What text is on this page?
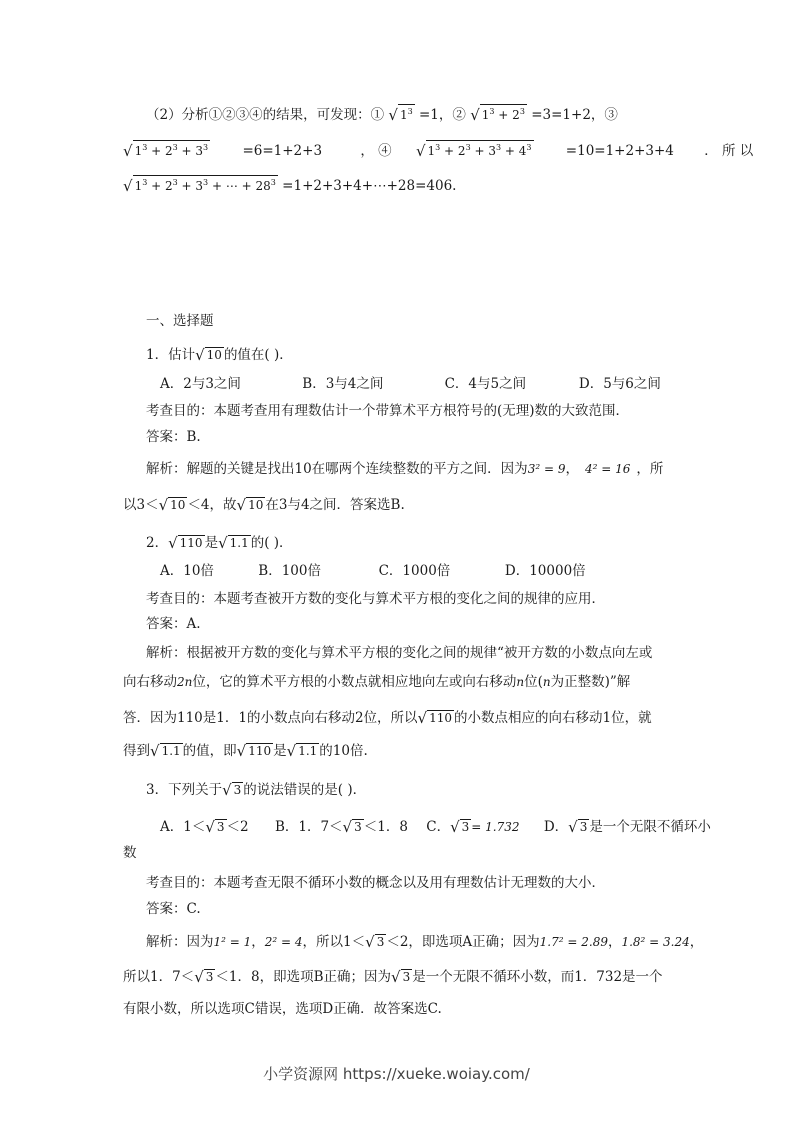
（2）分析①②③④的结果，可发现：① √ $1^3 =1$，② √ $1^3 + 2^3 =3=1+2$，③
√ $1^3 + 2^3 + 3^3$	=6=1+2+3	， ④ √ $1^3 + 2^3 + 3^3 + 4^3$	=10=1+2+3+4 ． 所 以
√ $1^3 + 2^3 + 3^3$ + ⋯ + $28^3$ =1+2+3+4+⋯+28=406.
一、选择题
1．估计√ 10 的值在( )．
A．2与3之间	B．3与4之间	C．4与5之间	D．5与6之间
考查目的：本题考查用有理数估计一个带算术平方根符号的(无理)数的大致范围．
答案：B.
解析：解题的关键是找出10在哪两个连续整数的平方之间．因为3² = 9， 4² = 16 ，所
以3＜√ 10 ＜4，故√ 10 在3与4之间．答案选B.
2．√ 110 是√ 1.1 的( )．
A．10倍	B．100倍	C．1000倍	D．10000倍
考查目的：本题考查被开方数的变化与算术平方根的变化之间的规律的应用．
答案：A.
解析：根据被开方数的变化与算术平方根的变化之间的规律“被开方数的小数点向左或
向右移动2n位，它的算术平方根的小数点就相应地向左或向右移动n位(n为正整数)”解
答．因为110是1．1的小数点向右移动2位，所以√ 110 的小数点相应的向右移动1位，就
得到√ 1.1 的值，即√ 110 是√ 1.1 的10倍.
3．下列关于√ 3 的说法错误的是( )．
A．1＜√ 3 ＜2 B．1．7＜√ 3 ＜1．8 C．√ 3 = 1.732 D．√ 3 是一个无限不循环小
数
考查目的：本题考查无限不循环小数的概念以及用有理数估计无理数的大小．
答案：C.
解析：因为1² = 1，2² = 4，所以1＜√ 3 ＜2，即选项A正确；因为1.7² = 2.89，1.8² = 3.24，
所以1．7＜√ 3 ＜1．8，即选项B正确；因为√ 3 是一个无限不循环小数，而1．732是一个
有限小数，所以选项C错误，选项D正确．故答案选C.
小学资源网 https://xueke.woiay.com/
